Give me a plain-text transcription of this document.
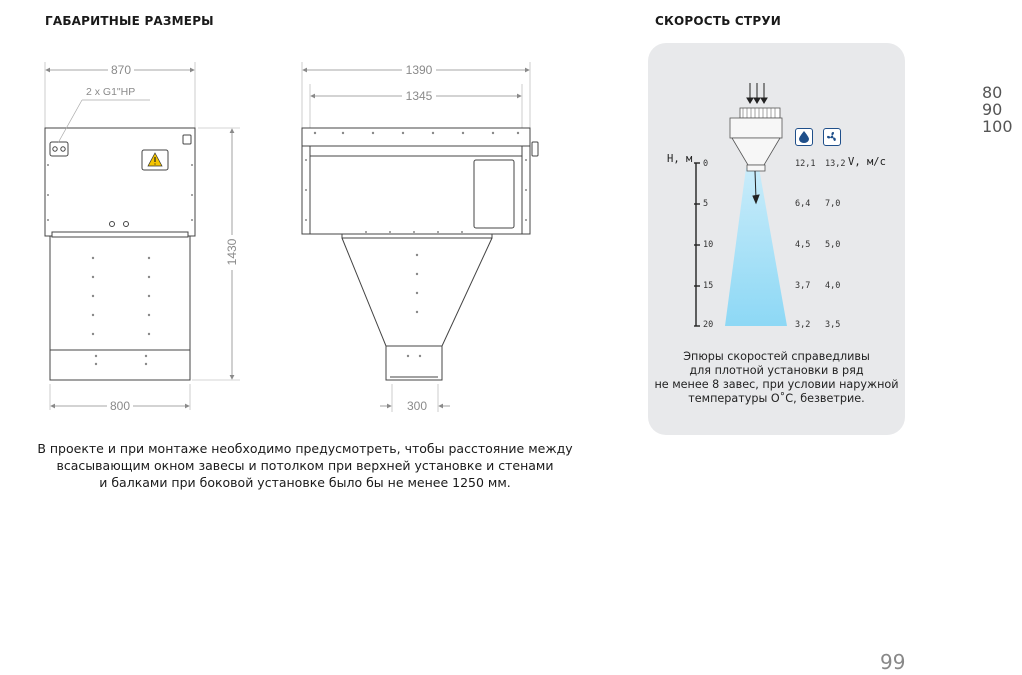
ГАБАРИТНЫЕ РАЗМЕРЫ	СКОРОСТЬ СТРУИ
870
2 x G1"НР
1430
800
1390
1345
300
В проекте и при монтаже необходимо предусмотреть, чтобы расстояние между
всасывающим окном завесы и потолком при верхней установке и стенами
и балками при боковой установке было бы не менее 1250 мм.
Н, м	V, м/с
0	12,1 13,2
5	6,4 7,0
10	4,5 5,0
15	3,7 4,0
20	3,2 3,5
Эпюры скоростей справедливы
для плотной установки в ряд
не менее 8 завес, при условии наружной
температуры О˚С, безветрие.
80
90
100
99
